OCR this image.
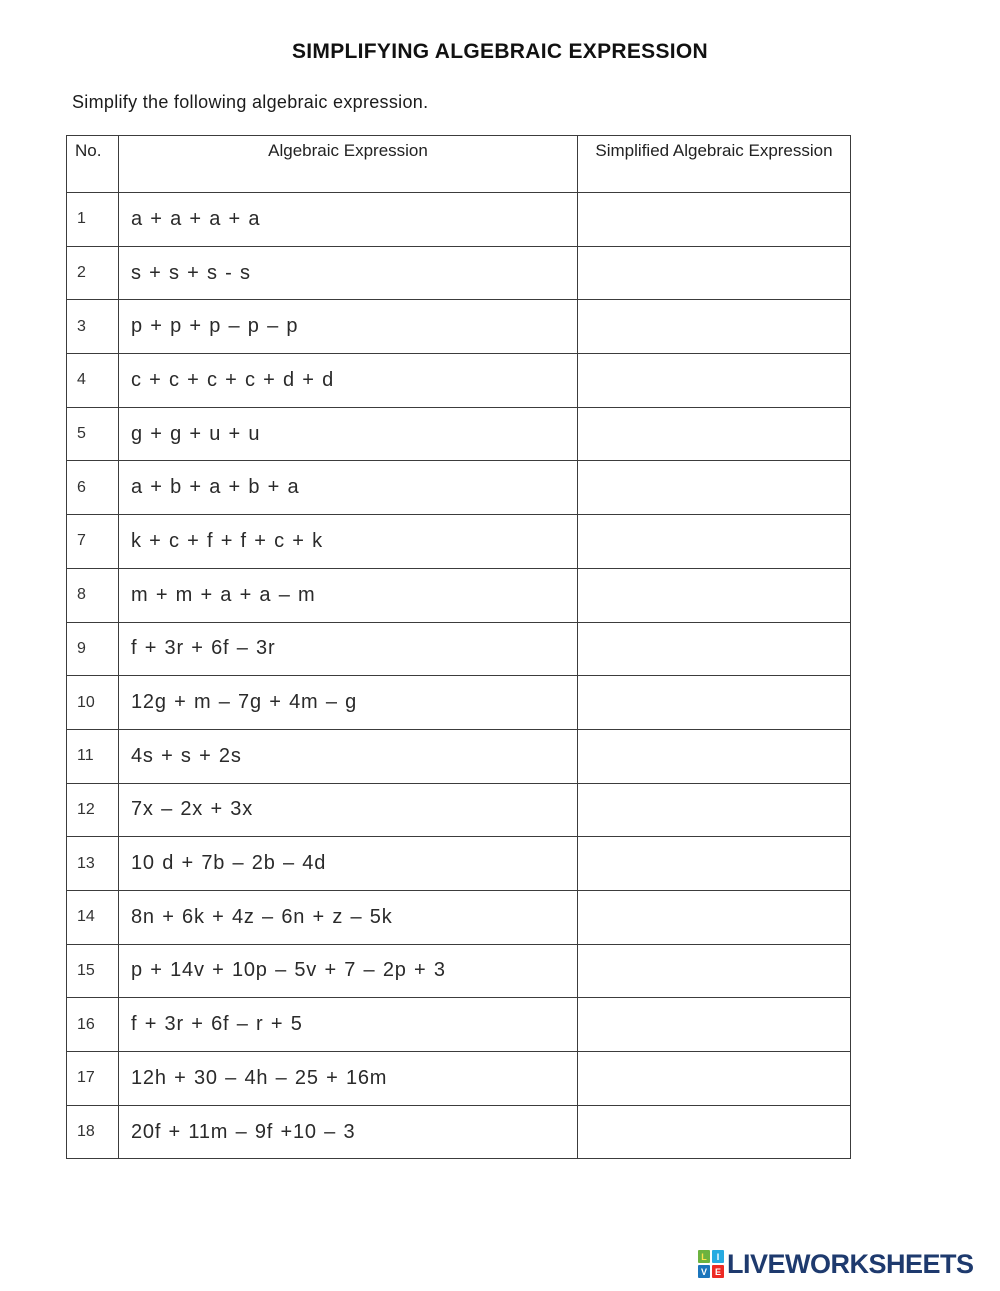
SIMPLIFYING ALGEBRAIC EXPRESSION
Simplify the following algebraic expression.
No.	Algebraic Expression	Simplified Algebraic Expression
1	a + a + a + a	
2	s + s + s - s	
3	p + p + p – p – p	
4	c + c + c + c + d + d	
5	g + g + u + u	
6	a + b + a + b + a	
7	k + c + f + f + c + k	
8	m + m + a + a – m	
9	f + 3r + 6f – 3r	
10	12g + m – 7g + 4m – g	
11	4s + s + 2s	
12	7x – 2x + 3x	
13	10 d + 7b – 2b – 4d	
14	8n + 6k + 4z – 6n + z – 5k	
15	p + 14v + 10p – 5v + 7 – 2p + 3	
16	f + 3r + 6f – r + 5	
17	12h + 30 – 4h – 25 + 16m	
18	20f + 11m – 9f +10 – 3	
L	I
V E LIVEWORKSHEETS
